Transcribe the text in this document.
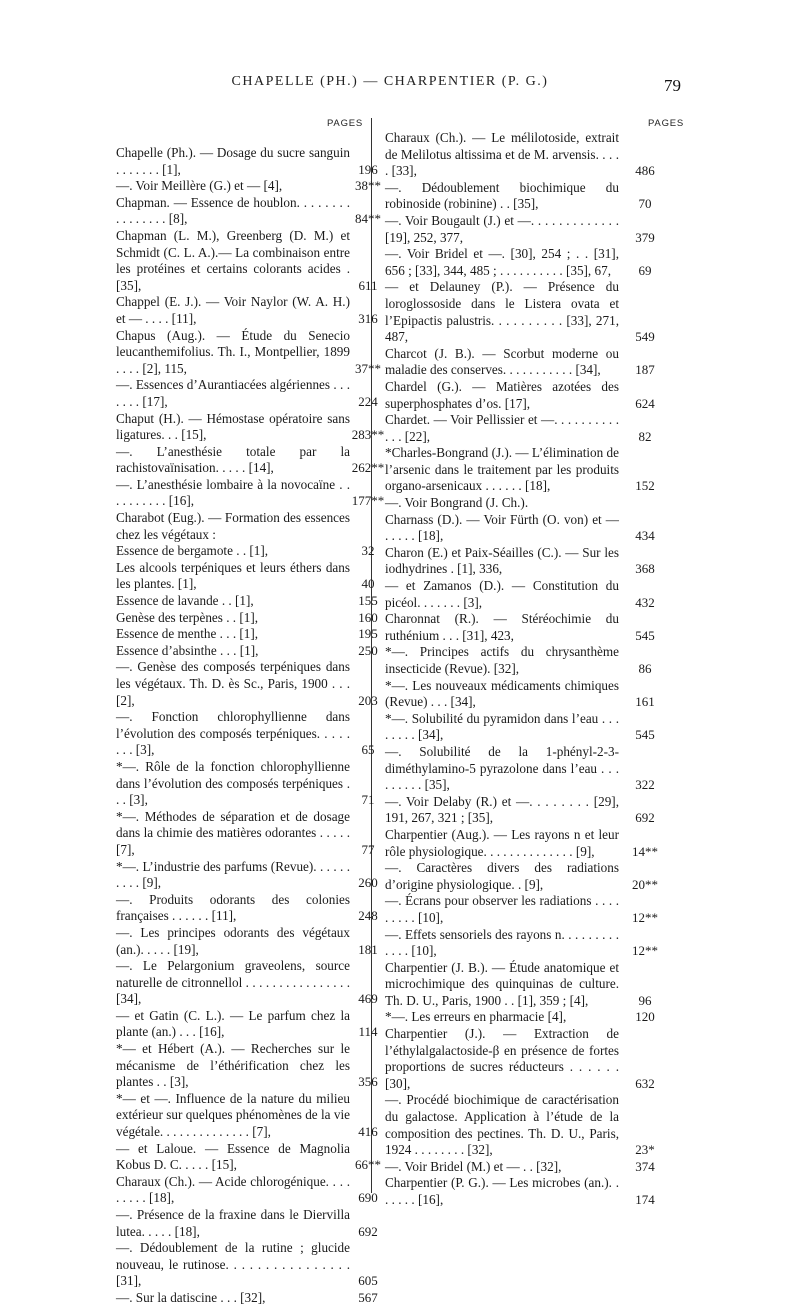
CHAPELLE (PH.) — CHARPENTIER (P. G.)	79
PAGES	PAGES
Chapelle (Ph.). — Dosage du sucre sanguin . . . . . . . [1],	196
—. Voir Meillère (G.) et — [4],	38**
Chapman. — Essence de houblon. . . . . . . . . . . . . . . . [8],	84**
Chapman (L. M.), Greenberg (D. M.) et Schmidt (C. L. A.).— La combinaison entre les protéines et certains colorants acides . [35],	611
Chappel (E. J.). — Voir Naylor (W. A. H.) et — . . . . [11],	316
Chapus (Aug.). — Étude du Senecio leucanthemifolius. Th. I., Montpellier, 1899 . . . . [2], 115,	37**
—. Essences d’Aurantiacées algériennes . . . . . . . [17],	224
Chaput (H.). — Hémostase opératoire sans ligatures. . . [15],	283**
—. L’anesthésie totale par la rachistovaïnisation. . . . . [14],	262**
—. L’anesthésie lombaire à la novocaïne . . . . . . . . . . [16],	177**
Charabot (Eug.). — Formation des essences chez les végétaux :
Essence de bergamote . . [1],	32
Les alcools terpéniques et leurs éthers dans les plantes. [1],	40
Essence de lavande . . [1],	155
Genèse des terpènes . . [1],	160
Essence de menthe . . . [1],	195
Essence d’absinthe . . . [1],	250
—. Genèse des composés terpéniques dans les végétaux. Th. D. ès Sc., Paris, 1900 . . . [2],	203
—. Fonction chlorophyllienne dans l’évolution des composés terpéniques. . . . . . . . [3],	65
*—. Rôle de la fonction chlorophyllienne dans l’évolution des composés terpéniques . . . [3],	71
*—. Méthodes de séparation et de dosage dans la chimie des matières odorantes . . . . . [7],	77
*—. L’industrie des parfums (Revue). . . . . . . . . . [9],	260
—. Produits odorants des colonies françaises . . . . . . [11],	248
—. Les principes odorants des végétaux (an.). . . . . [19],	181
—. Le Pelargonium graveolens, source naturelle de citronnellol . . . . . . . . . . . . . . . . [34],	469
— et Gatin (C. L.). — Le parfum chez la plante (an.) . . . [16],	114
*— et Hébert (A.). — Recherches sur le mécanisme de l’éthérification chez les plantes . . [3],	356
*— et —. Influence de la nature du milieu extérieur sur quelques phénomènes de la vie végétale. . . . . . . . . . . . . . [7],	416
— et Laloue. — Essence de Magnolia Kobus D. C. . . . . [15],	66**
Charaux (Ch.). — Acide chlorogénique. . . . . . . . . [18],	690
—. Présence de la fraxine dans le Diervilla lutea. . . . . [18],	692
—. Dédoublement de la rutine ; glucide nouveau, le rutinose. . . . . . . . . . . . . . . . [31],	605
—. Sur la datiscine . . . [32],	567
Charaux (Ch.). — Le mélilotoside, extrait de Melilotus altissima et de M. arvensis. . . . . [33],	486
—. Dédoublement biochimique du robinoside (robinine) . . [35],	70
—. Voir Bougault (J.) et —. . . . . . . . . . . . . [19], 252, 377,	379
—. Voir Bridel et —. [30], 254 ; . . [31], 656 ; [33], 344, 485 ; . . . . . . . . . . [35], 67,	69
— et Delauney (P.). — Présence du loroglossoside dans le Listera ovata et l’Epipactis palustris. . . . . . . . . . [33], 271, 487,	549
Charcot (J. B.). — Scorbut moderne ou maladie des conserves. . . . . . . . . . . [34],	187
Chardel (G.). — Matières azotées des superphosphates d’os. [17],	624
Chardet. — Voir Pellissier et —. . . . . . . . . . . . . [22],	82
*Charles-Bongrand (J.). — L’élimination de l’arsenic dans le traitement par les produits organo-arsenicaux . . . . . . [18],	152
—. Voir Bongrand (J. Ch.).
Charnass (D.). — Voir Fürth (O. von) et — . . . . . [18],	434
Charon (E.) et Paix-Séailles (C.). — Sur les iodhydrines . [1], 336,	368
— et Zamanos (D.). — Constitution du picéol. . . . . . . [3],	432
Charonnat (R.). — Stéréochimie du ruthénium . . . [31], 423,	545
*—. Principes actifs du chrysanthème insecticide (Revue). [32],	86
*—. Les nouveaux médicaments chimiques (Revue) . . . [34],	161
*—. Solubilité du pyramidon dans l’eau . . . . . . . . [34],	545
—. Solubilité de la 1-phényl-2-3-diméthylamino-5 pyrazolone dans l’eau . . . . . . . . . [35],	322
—. Voir Delaby (R.) et —. . . . . . . . [29], 191, 267, 321 ; [35],	692
Charpentier (Aug.). — Les rayons n et leur rôle physiologique. . . . . . . . . . . . . . [9],	14**
—. Caractères divers des radiations d’origine physiologique. . [9],	20**
—. Écrans pour observer les radiations . . . . . . . . . [10],	12**
—. Effets sensoriels des rayons n. . . . . . . . . . . . . [10],	12**
Charpentier (J. B.). — Étude anatomique et microchimique des quinquinas de culture. Th. D. U., Paris, 1900 . . [1], 359 ; [4],	96
*—. Les erreurs en pharmacie [4],	120
Charpentier (J.). — Extraction de l’éthylalgalactoside-β en présence de fortes proportions de sucres réducteurs . . . . . . [30],	632
—. Procédé biochimique de caractérisation du galactose. Application à l’étude de la composition des pectines. Th. D. U., Paris, 1924 . . . . . . . . [32],	23*
—. Voir Bridel (M.) et — . . [32],	374
Charpentier (P. G.). — Les microbes (an.). . . . . . . [16],	174
